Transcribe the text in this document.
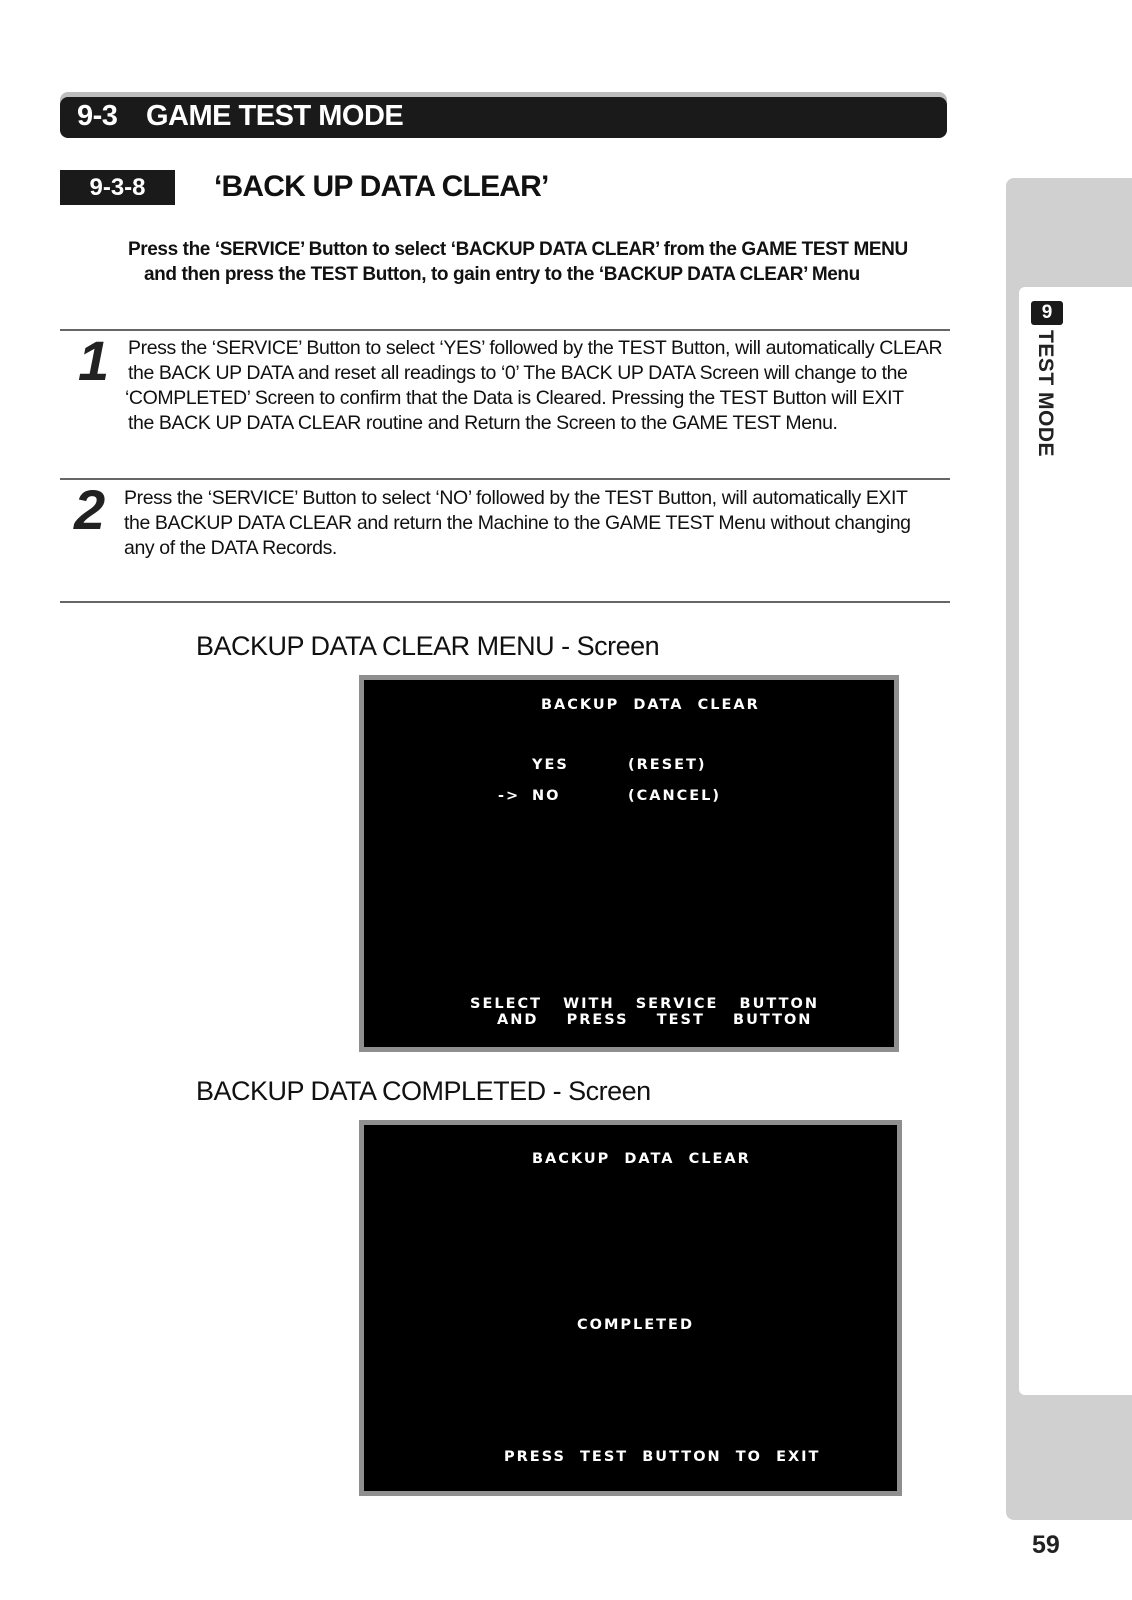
9-3 GAME TEST MODE
9-3-8	‘BACK UP DATA CLEAR’
Press the ‘SERVICE’ Button to select ‘BACKUP DATA CLEAR’ from the GAME TEST MENU
and then press the TEST Button, to gain entry to the ‘BACKUP DATA CLEAR’ Menu
1 Press the ‘SERVICE’ Button to select ‘YES’ followed by the TEST Button, will automatically CLEAR
the BACK UP DATA and reset all readings to ‘0’ The BACK UP DATA Screen will change to the
‘COMPLETED’ Screen to confirm that the Data is Cleared. Pressing the TEST Button will EXIT
the BACK UP DATA CLEAR routine and Return the Screen to the GAME TEST Menu.
2 Press the ‘SERVICE’ Button to select ‘NO’ followed by the TEST Button, will automatically EXIT
the BACKUP DATA CLEAR and return the Machine to the GAME TEST Menu without changing
any of the DATA Records.
BACKUP DATA CLEAR MENU - Screen
BACKUP  DATA  CLEAR
YES	(RESET)
-> NO	(CANCEL)
SELECT   WITH   SERVICE   BUTTON
AND    PRESS    TEST    BUTTON
BACKUP DATA COMPLETED - Screen
BACKUP  DATA  CLEAR
COMPLETED
PRESS  TEST  BUTTON  TO  EXIT
9
TEST MODE
59
